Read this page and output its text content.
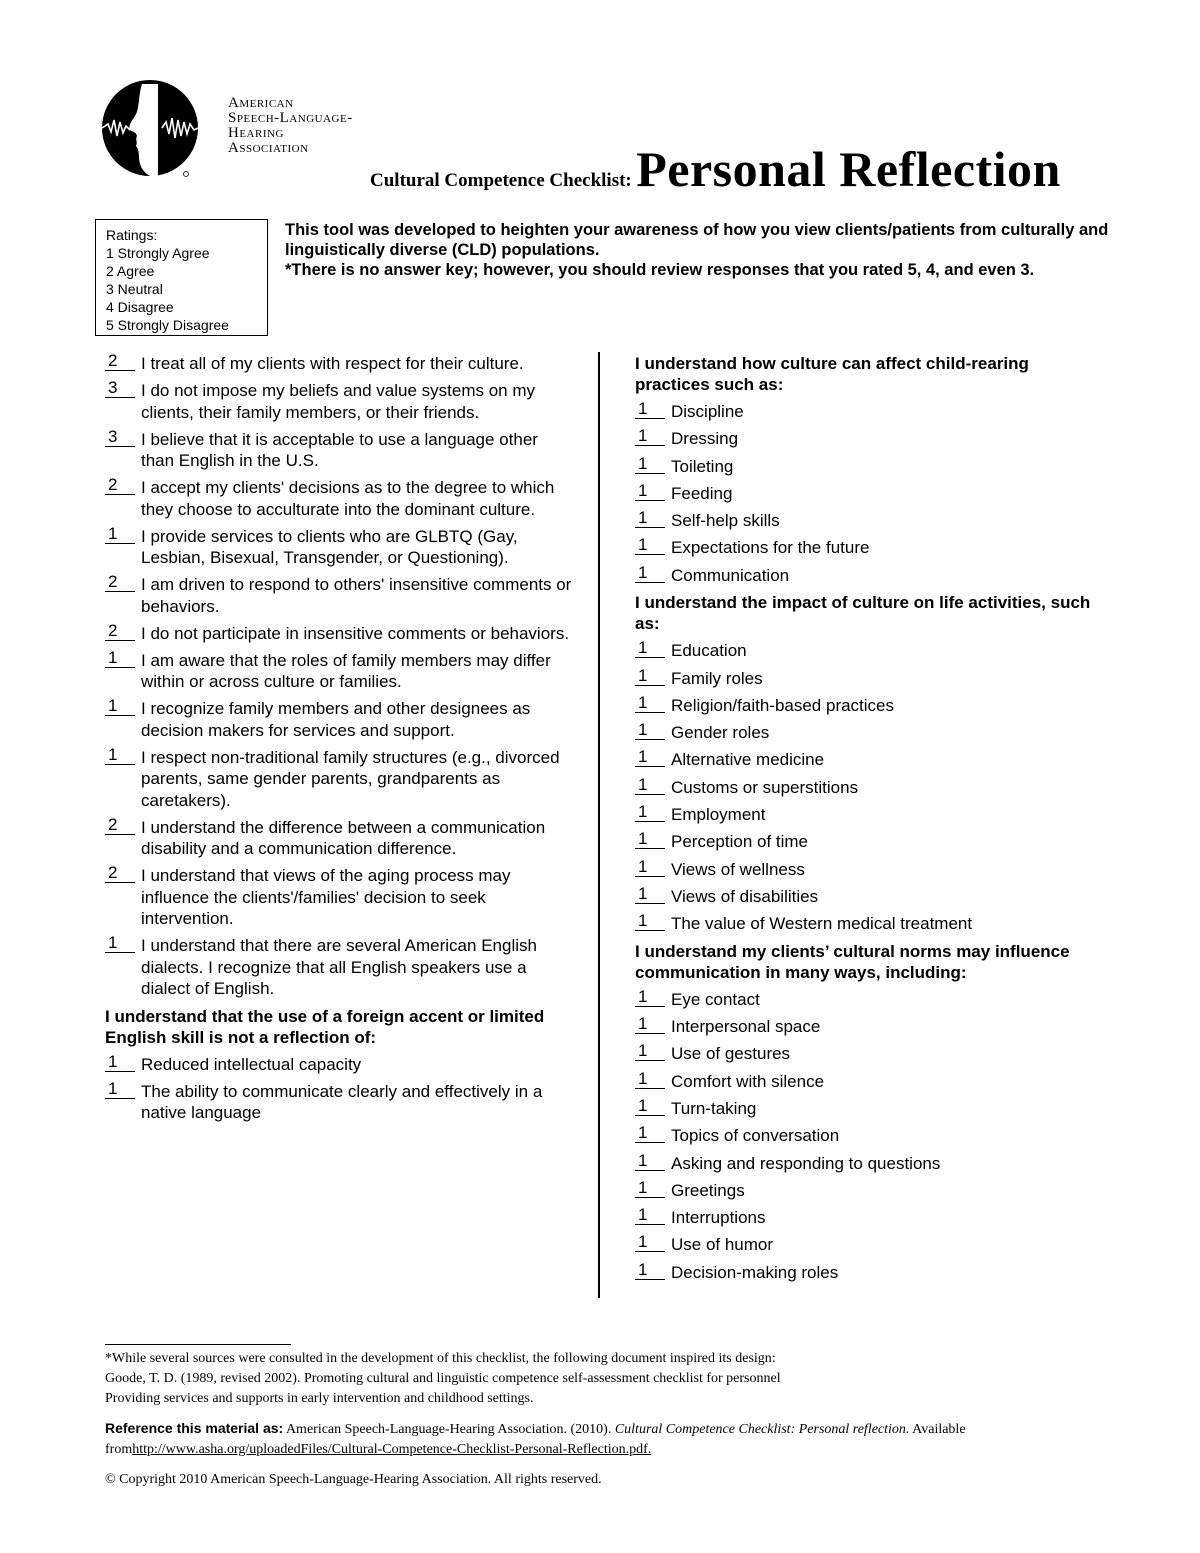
American
Speech-Language-
Hearing
Association
Cultural Competence Checklist: Personal Reflection
Ratings:
1 Strongly Agree
2 Agree
3 Neutral
4 Disagree
5 Strongly Disagree
This tool was developed to heighten your awareness of how you view clients/patients from culturally and linguistically diverse (CLD) populations.
*There is no answer key; however, you should review responses that you rated 5, 4, and even 3.
2	I treat all of my clients with respect for their culture.
3	I do not impose my beliefs and value systems on my clients, their family members, or their friends.
3	I believe that it is acceptable to use a language other than English in the U.S.
2	I accept my clients' decisions as to the degree to which they choose to acculturate into the dominant culture.
1	I provide services to clients who are GLBTQ (Gay, Lesbian, Bisexual, Transgender, or Questioning).
2	I am driven to respond to others' insensitive comments or behaviors.
2	I do not participate in insensitive comments or behaviors.
1	I am aware that the roles of family members may differ within or across culture or families.
1	I recognize family members and other designees as decision makers for services and support.
1	I respect non-traditional family structures (e.g., divorced parents, same gender parents, grandparents as caretakers).
2	I understand the difference between a communication disability and a communication difference.
2	I understand that views of the aging process may influence the clients'/families' decision to seek intervention.
1	I understand that there are several American English dialects. I recognize that all English speakers use a dialect of English.
I understand that the use of a foreign accent or limited English skill is not a reflection of:
1	Reduced intellectual capacity
1	The ability to communicate clearly and effectively in a native language
I understand how culture can affect child-rearing practices such as:
1	Discipline
1	Dressing
1	Toileting
1	Feeding
1	Self-help skills
1	Expectations for the future
1	Communication
I understand the impact of culture on life activities, such as:
1	Education
1	Family roles
1	Religion/faith-based practices
1	Gender roles
1	Alternative medicine
1	Customs or superstitions
1	Employment
1	Perception of time
1	Views of wellness
1	Views of disabilities
1	The value of Western medical treatment
I understand my clients’ cultural norms may influence communication in many ways, including:
1	Eye contact
1	Interpersonal space
1	Use of gestures
1	Comfort with silence
1	Turn-taking
1	Topics of conversation
1	Asking and responding to questions
1	Greetings
1	Interruptions
1	Use of humor
1	Decision-making roles
*While several sources were consulted in the development of this checklist, the following document inspired its design:
Goode, T. D. (1989, revised 2002). Promoting cultural and linguistic competence self-assessment checklist for personnel
Providing services and supports in early intervention and childhood settings.
Reference this material as: American Speech-Language-Hearing Association. (2010). Cultural Competence Checklist: Personal reflection. Available fromhttp://www.asha.org/uploadedFiles/Cultural-Competence-Checklist-Personal-Reflection.pdf.
© Copyright 2010 American Speech-Language-Hearing Association. All rights reserved.
